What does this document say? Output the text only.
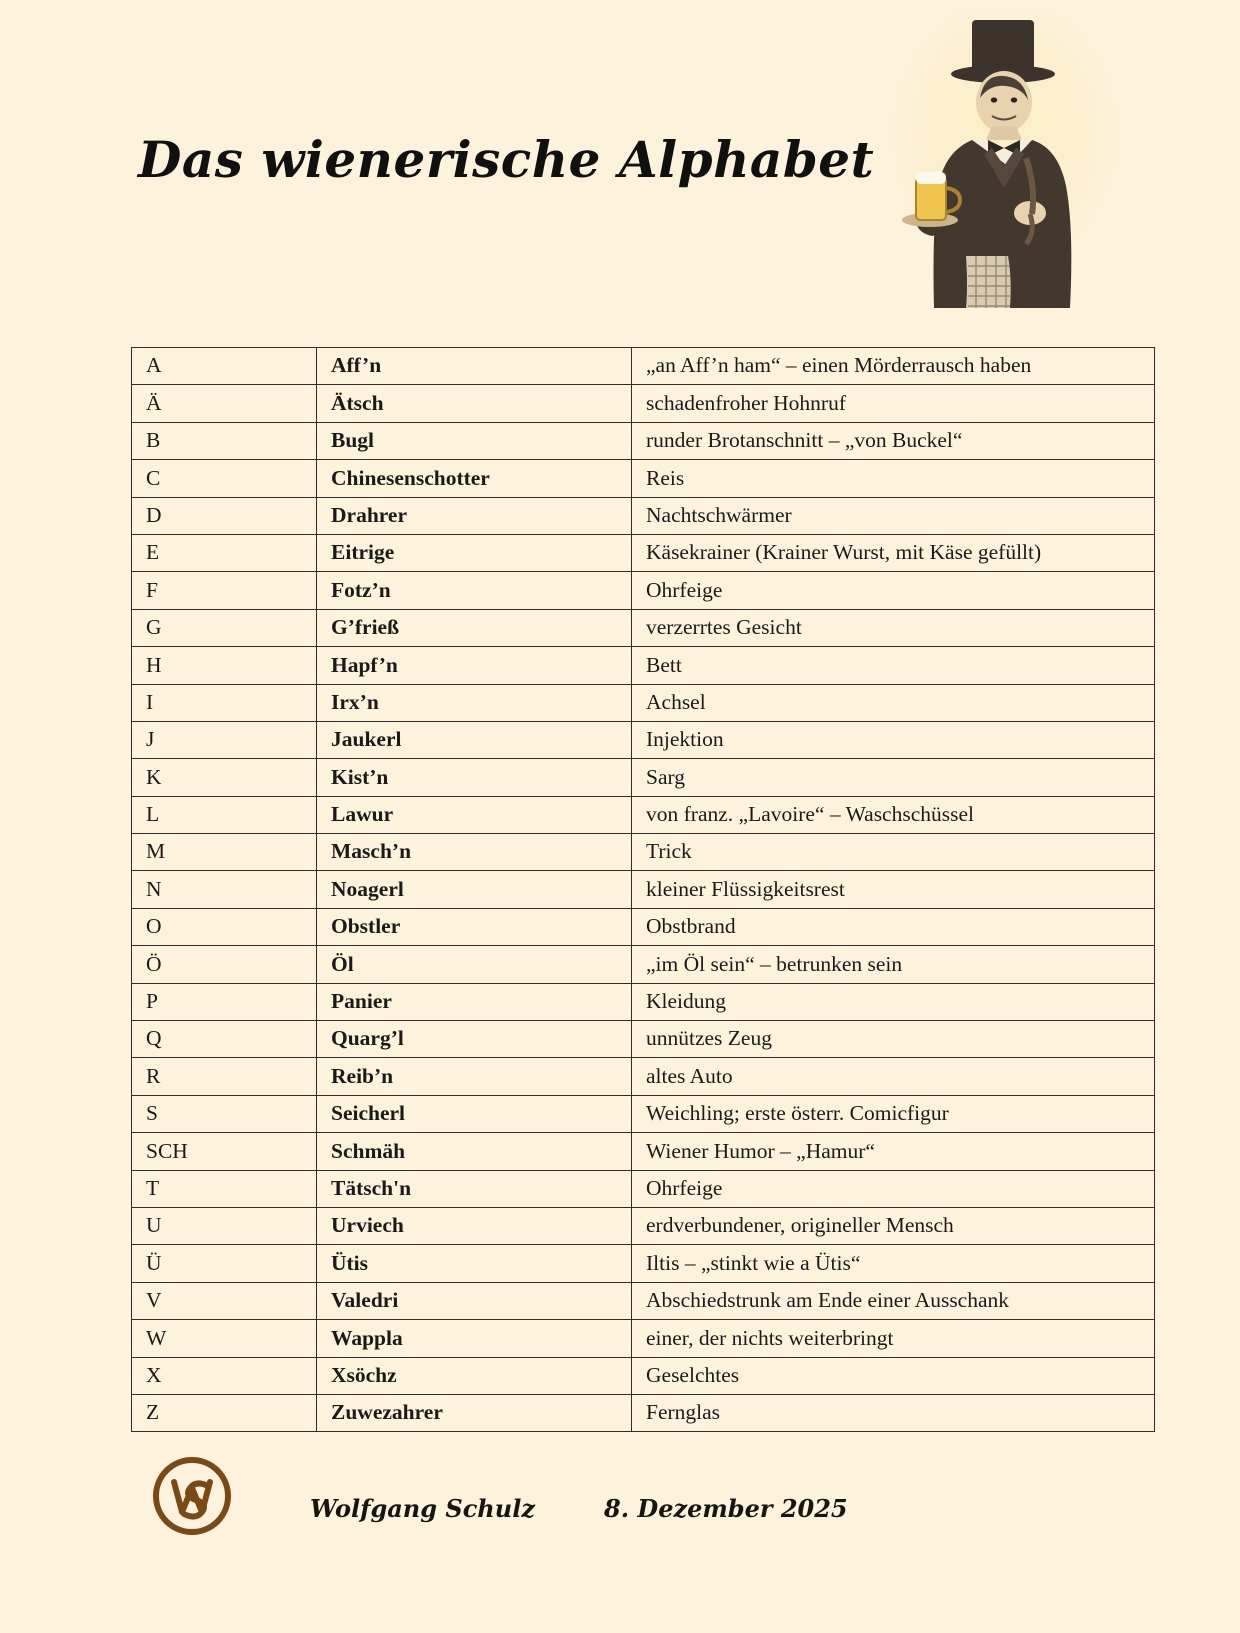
Das wienerische Alphabet
A	Aff’n	„an Aff’n ham“ – einen Mörderrausch haben
Ä	Ätsch	schadenfroher Hohnruf
B	Bugl	runder Brotanschnitt – „von Buckel“
C	Chinesenschotter	Reis
D	Drahrer	Nachtschwärmer
E	Eitrige	Käsekrainer (Krainer Wurst, mit Käse gefüllt)
F	Fotz’n	Ohrfeige
G	G’frieß	verzerrtes Gesicht
H	Hapf’n	Bett
I	Irx’n	Achsel
J	Jaukerl	Injektion
K	Kist’n	Sarg
L	Lawur	von franz. „Lavoire“ – Waschschüssel
M	Masch’n	Trick
N	Noagerl	kleiner Flüssigkeitsrest
O	Obstler	Obstbrand
Ö	Öl	„im Öl sein“ – betrunken sein
P	Panier	Kleidung
Q	Quarg’l	unnützes Zeug
R	Reib’n	altes Auto
S	Seicherl	Weichling; erste österr. Comicfigur
SCH	Schmäh	Wiener Humor – „Hamur“
T	Tätsch'n	Ohrfeige
U	Urviech	erdverbundener, origineller Mensch
Ü	Ütis	Iltis – „stinkt wie a Ütis“
V	Valedri	Abschiedstrunk am Ende einer Ausschank
W	Wappla	einer, der nichts weiterbringt
X	Xsöchz	Geselchtes
Z	Zuwezahrer	Fernglas
Wolfgang Schulz	8. Dezember 2025
